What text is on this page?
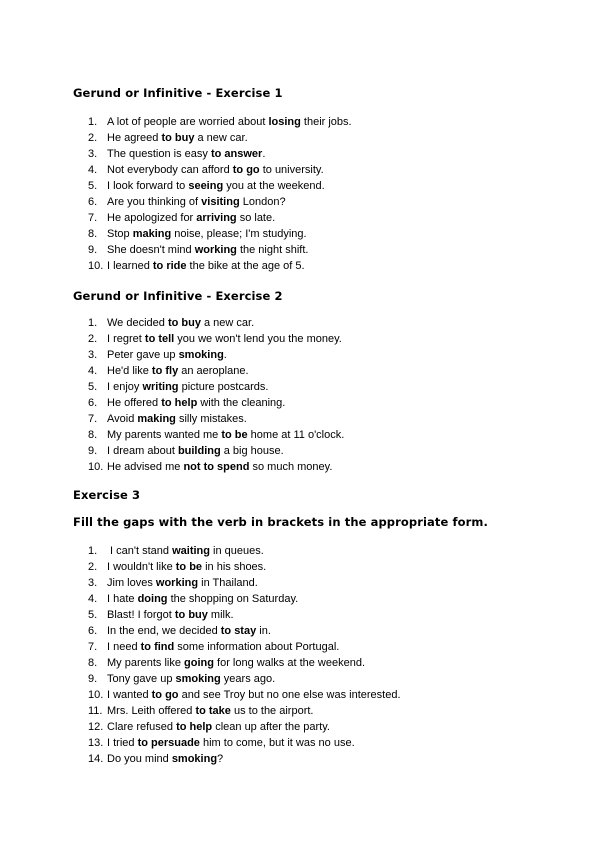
Gerund or Infinitive - Exercise 1
1. A lot of people are worried about losing their jobs.
2. He agreed to buy a new car.
3. The question is easy to answer.
4. Not everybody can afford to go to university.
5. I look forward to seeing you at the weekend.
6. Are you thinking of visiting London?
7. He apologized for arriving so late.
8. Stop making noise, please; I'm studying.
9. She doesn't mind working the night shift.
10. I learned to ride the bike at the age of 5.
Gerund or Infinitive - Exercise 2
1. We decided to buy a new car.
2. I regret to tell you we won't lend you the money.
3. Peter gave up smoking.
4. He'd like to fly an aeroplane.
5. I enjoy writing picture postcards.
6. He offered to help with the cleaning.
7. Avoid making silly mistakes.
8. My parents wanted me to be home at 11 o'clock.
9. I dream about building a big house.
10. He advised me not to spend so much money.
Exercise 3
Fill the gaps with the verb in brackets in the appropriate form.
1. I can't stand waiting in queues.
2. I wouldn't like to be in his shoes.
3. Jim loves working in Thailand.
4. I hate doing the shopping on Saturday.
5. Blast! I forgot to buy milk.
6. In the end, we decided to stay in.
7. I need to find some information about Portugal.
8. My parents like going for long walks at the weekend.
9. Tony gave up smoking years ago.
10. I wanted to go and see Troy but no one else was interested.
11. Mrs. Leith offered to take us to the airport.
12. Clare refused to help clean up after the party.
13. I tried to persuade him to come, but it was no use.
14. Do you mind smoking?
